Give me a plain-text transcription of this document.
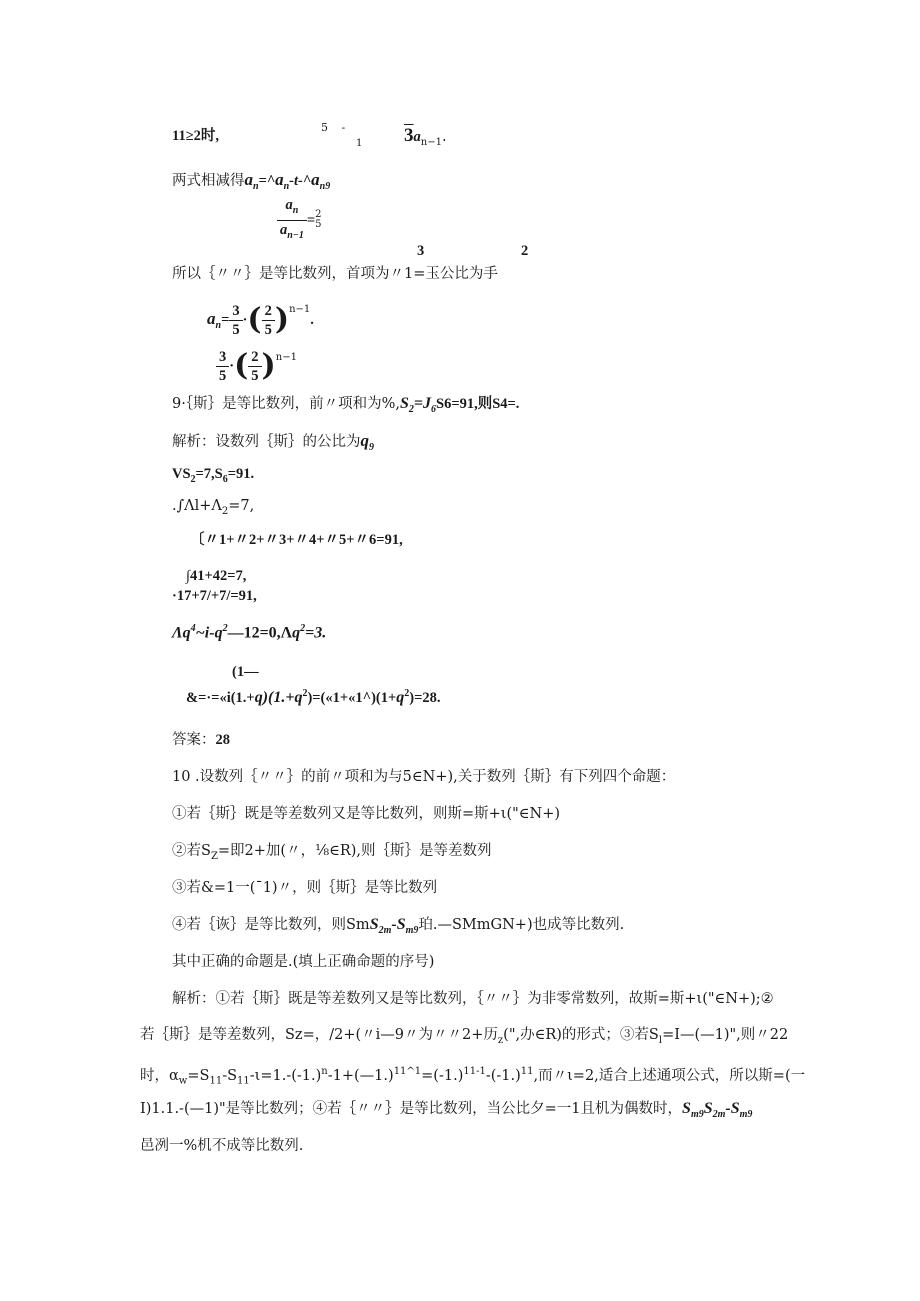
11≥2时,
5 -
1 $3a_{n-1}$.
两式相减得$a_n=\^{}a_n-t-\^{}a_{n9}$
$\frac{a_n}{a_{n-1}} = 2$
5
3	2
所以｛〃〃｝是等比数列，首项为〃1=玉公比为手
$a_n= \frac{3}{5}$ ·( $\frac{2}{5} )^{n-1}$.
$\frac{3}{5}$ ·( $\frac{2}{5} )^{n-1}$
9·｛斯｝是等比数列，前〃项和为$\%,S_2=J_6S6=91$,则S4=.
解析：设数列｛斯｝的公比为$q_9$
$VS_2=7,S_6=91$.
$.\int\Lambda l+\Lambda_2=7$,
〔〃1+〃2+〃3+〃4+〃5+〃6=91,
∫41+42=7,
·17+7/+7/=91,
$\Lambda q^4\sim i-q^2—12=0,\Lambda q^2=3$.
(1—
$\&=\cdot=«i(1.+q)(1.+q^2)=(«1+«1\^{})(1+q^2)=28$.
答案：28
10 .设数列｛〃〃｝的前〃项和为与5∈N+),关于数列｛斯｝有下列四个命题：
①若｛斯｝既是等差数列又是等比数列，则斯=斯+ι("∈N+)
②若$S_Z=$即2+加(〃，⅛∈R),则｛斯｝是等差数列
③若&=1一(¯1)〃，则｛斯｝是等比数列
④若｛诙｝是等比数列，则$SmS_{2m}-S_{m9}$珀.—SMmGN+)也成等比数列.
其中正确的命题是.(填上正确命题的序号)
解析：①若｛斯｝既是等差数列又是等比数列，｛〃〃｝为非零常数列，故斯=斯+ι("∈N+);②
若｛斯｝是等差数列，Sz=，/2+(〃i—9〃为〃〃2+历$_z$(",办∈R)的形式；③若$S_l=I—(—1)$",则〃22
时，$\alpha_w=S_{11}-S_{11}-\iota=1.-(-1.)^n-1+(—1.)^{11\^{}1}=(-1.)^{11-1}-(-1.)^{11}$,而〃ι=2,适合上述通项公式，所以斯=(一
I)1.1.-(—1)"是等比数列；④若｛〃〃｝是等比数列，当公比夕=一1且机为偶数时，$S_{m9}S_{2m}-S_{m9}$
邑冽一%机不成等比数列.
